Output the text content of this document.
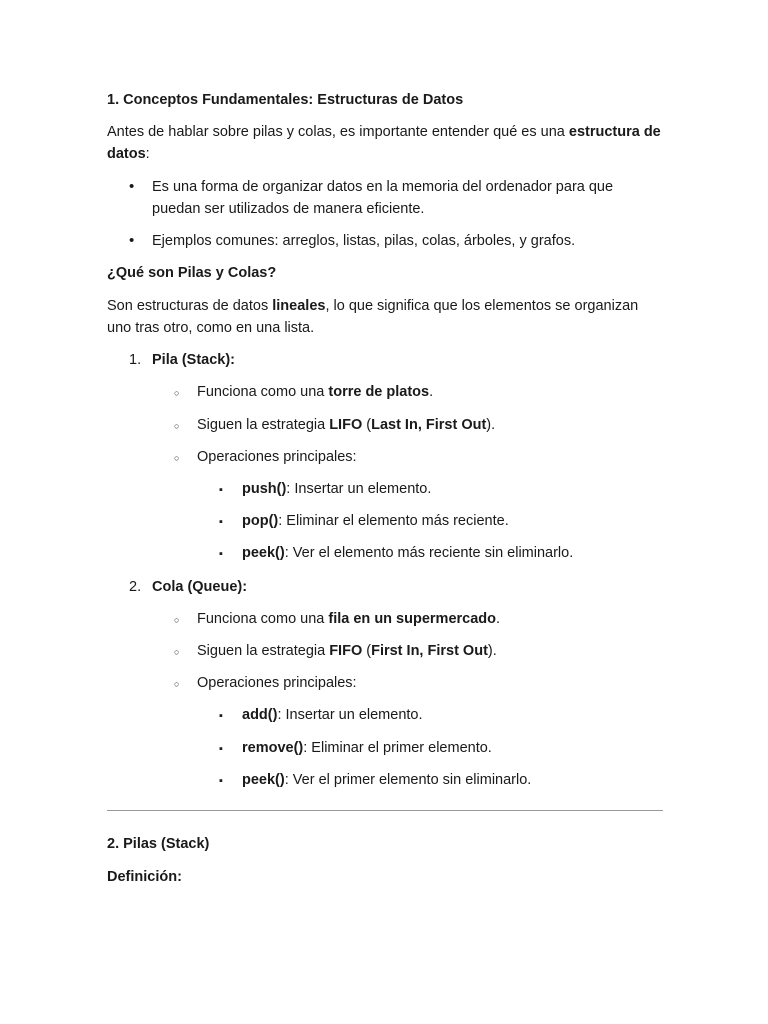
1. Conceptos Fundamentales: Estructuras de Datos
Antes de hablar sobre pilas y colas, es importante entender qué es una estructura de datos:
•
Es una forma de organizar datos en la memoria del ordenador para que puedan ser utilizados de manera eficiente.
•
Ejemplos comunes: arreglos, listas, pilas, colas, árboles, y grafos.
¿Qué son Pilas y Colas?
Son estructuras de datos lineales, lo que significa que los elementos se organizan uno tras otro, como en una lista.
1. Pila (Stack):
○
Funciona como una torre de platos.
○
Siguen la estrategia LIFO (Last In, First Out).
○
Operaciones principales:
▪
push(): Insertar un elemento.
▪
pop(): Eliminar el elemento más reciente.
▪
peek(): Ver el elemento más reciente sin eliminarlo.
2. Cola (Queue):
○
Funciona como una fila en un supermercado.
○
Siguen la estrategia FIFO (First In, First Out).
○
Operaciones principales:
▪
add(): Insertar un elemento.
▪
remove(): Eliminar el primer elemento.
▪
peek(): Ver el primer elemento sin eliminarlo.
2. Pilas (Stack)
Definición:
